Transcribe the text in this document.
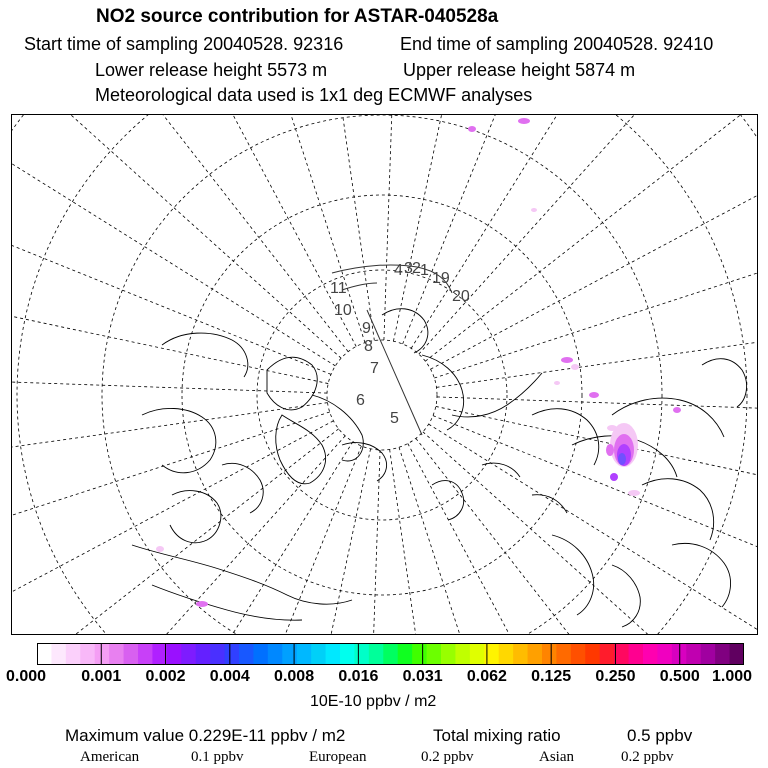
NO2 source contribution for ASTAR-040528a
Start time of sampling 20040528. 92316	End time of sampling 20040528. 92410
Lower release height 5573 m	Upper release height 5874 m
Meteorological data used is 1x1 deg ECMWF analyses
11
10
9
8
7
6
5
4 3 2 1
20
19
0.000 0.001 0.002 0.004 0.008 0.016 0.031 0.062 0.125 0.250 0.500 1.000
10E-10 ppbv / m2
Maximum value 0.229E-11 ppbv / m2	Total mixing ratio	0.5 ppbv
American	0.1 ppbv	European	0.2 ppbv	Asian	0.2 ppbv
